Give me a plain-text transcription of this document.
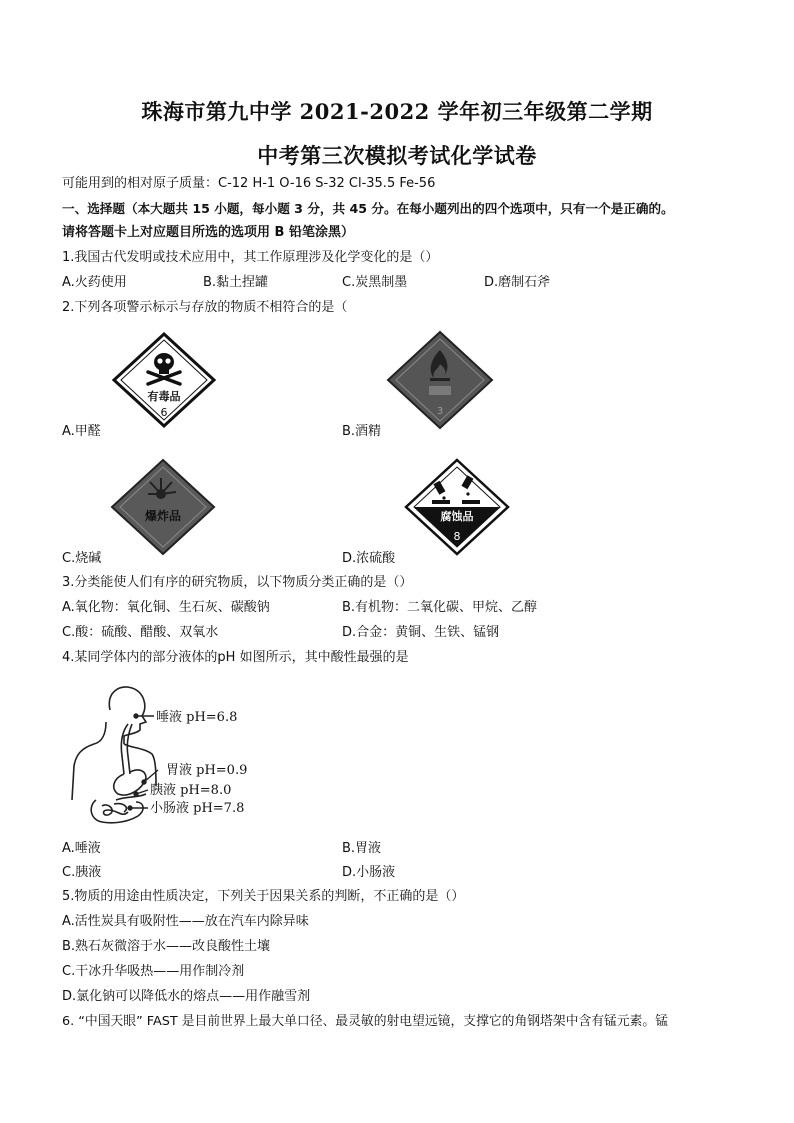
珠海市第九中学 2021-2022 学年初三年级第二学期
中考第三次模拟考试化学试卷
可能用到的相对原子质量：C-12 H-1 O-16 S-32 Cl-35.5 Fe-56
一、选择题（本大题共 15 小题，每小题 3 分，共 45 分。在每小题列出的四个选项中，只有一个是正确的。
请将答题卡上对应题目所选的选项用 B 铅笔涂黑）
1.我国古代发明或技术应用中，其工作原理涉及化学变化的是（）
A.火药使用	B.黏土捏罐	C.炭黑制墨	D.磨制石斧
2.下列各项警示标示与存放的物质不相符合的是（
有毒品
6	3
A.甲醛	B.酒精
爆炸品	腐蚀品
8
C.烧碱	D.浓硫酸
3.分类能使人们有序的研究物质，以下物质分类正确的是（）
A.氧化物：氧化铜、生石灰、碳酸钠	B.有机物：二氧化碳、甲烷、乙醇
C.酸：硫酸、醋酸、双氧水	D.合金：黄铜、生铁、锰钢
4.某同学体内的部分液体的pH 如图所示，其中酸性最强的是
唾液 pH=6.8
胃液 pH=0.9
胰液 pH=8.0
小肠液 pH=7.8
A.唾液	B.胃液
C.胰液	D.小肠液
5.物质的用途由性质决定，下列关于因果关系的判断，不正确的是（）
A.活性炭具有吸附性——放在汽车内除异味
B.熟石灰微溶于水——改良酸性土壤
C.干冰升华吸热——用作制冷剂
D.氯化钠可以降低水的熔点——用作融雪剂
6. “中国天眼” FAST 是目前世界上最大单口径、最灵敏的射电望远镜，支撑它的角钢塔架中含有锰元素。锰
